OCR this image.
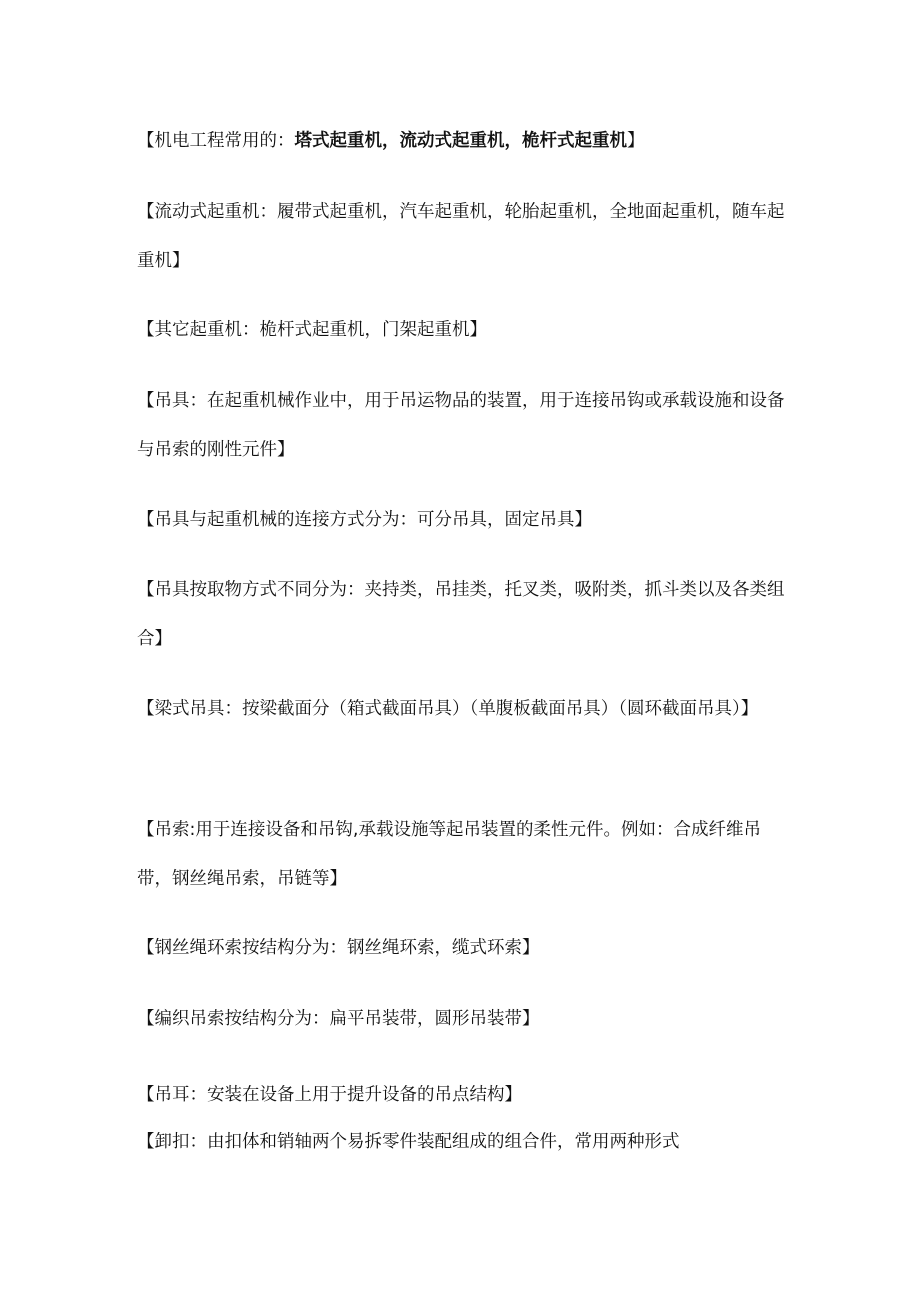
【机电工程常用的：塔式起重机，流动式起重机，桅杆式起重机】

【流动式起重机：履带式起重机，汽车起重机，轮胎起重机，全地面起重机，随车起重机】

【其它起重机：桅杆式起重机，门架起重机】

【吊具：在起重机械作业中，用于吊运物品的装置，用于连接吊钩或承载设施和设备与吊索的刚性元件】

【吊具与起重机械的连接方式分为：可分吊具，固定吊具】

【吊具按取物方式不同分为：夹持类，吊挂类，托叉类，吸附类，抓斗类以及各类组合】

【梁式吊具：按梁截面分（箱式截面吊具）（单腹板截面吊具）（圆环截面吊具）】

【吊索:用于连接设备和吊钩,承载设施等起吊装置的柔性元件。例如：合成纤维吊带，钢丝绳吊索，吊链等】

【钢丝绳环索按结构分为：钢丝绳环索，缆式环索】

【编织吊索按结构分为：扁平吊装带，圆形吊装带】

【吊耳：安装在设备上用于提升设备的吊点结构】

【卸扣：由扣体和销轴两个易拆零件装配组成的组合件，常用两种形式
